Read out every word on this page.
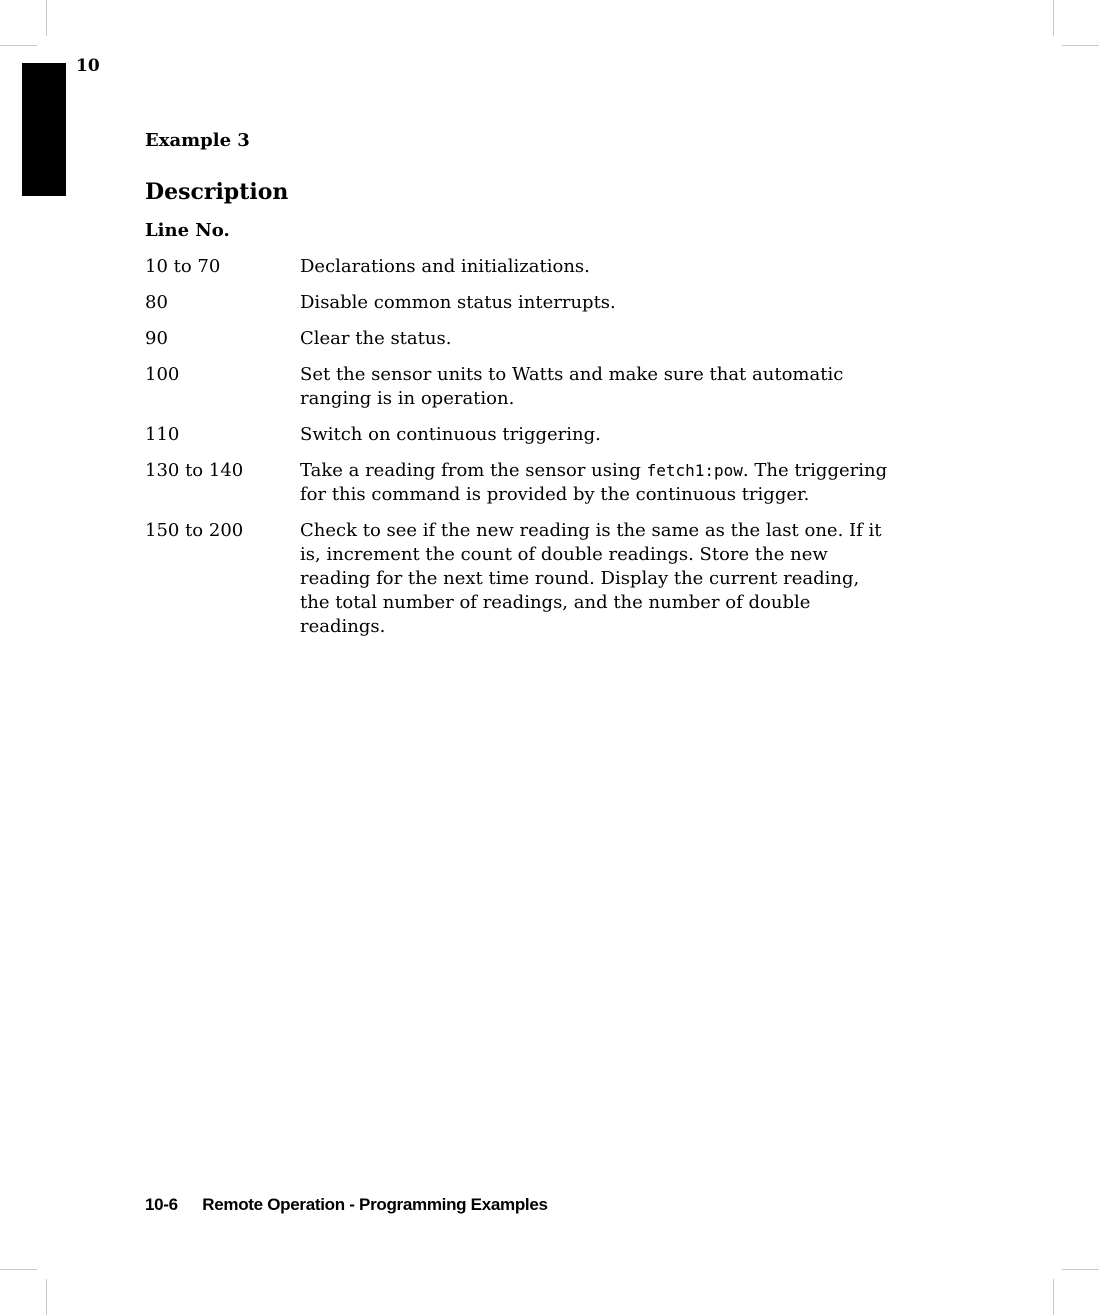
10
Example 3
Description
Line No.
10 to 70	Declarations and initializations.
80	Disable common status interrupts.
90	Clear the status.
100	Set the sensor units to Watts and make sure that automatic ranging is in operation.
110	Switch on continuous triggering.
130 to 140	Take a reading from the sensor using fetch1:pow. The triggering for this command is provided by the continuous trigger.
150 to 200	Check to see if the new reading is the same as the last one. If it is, increment the count of double readings. Store the new reading for the next time round. Display the current reading, the total number of readings, and the number of double readings.
10-6 Remote Operation - Programming Examples
